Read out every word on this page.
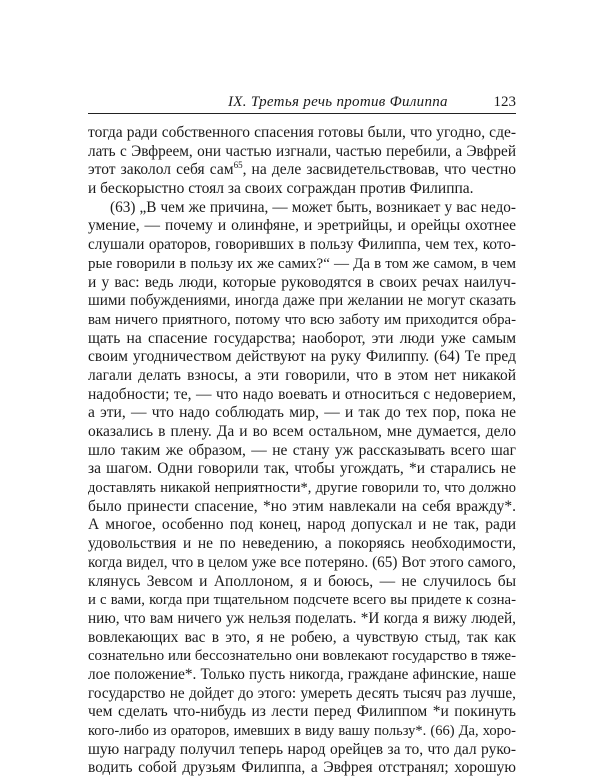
IX. Третья речь против Филиппа	123
тогда ради собственного спасения готовы были, что угодно, сде-
лать с Эвфреем, они частью изгнали, частью перебили, а Эвфрей
этот заколол себя сам$^{65}$, на деле засвидетельствовав, что честно
и бескорыстно стоял за своих сограждан против Филиппа.
(63) „В чем же причина, — может быть, возникает у вас недо-
умение, — почему и олинфяне, и эретрийцы, и орейцы охотнее
слушали ораторов, говоривших в пользу Филиппа, чем тех, кото-
рые говорили в пользу их же самих?“ — Да в том же самом, в чем
и у вас: ведь люди, которые руководятся в своих речах наилуч-
шими побуждениями, иногда даже при желании не могут сказать
вам ничего приятного, потому что всю заботу им приходится обра-
щать на спасение государства; наоборот, эти люди уже самым
своим угодничеством действуют на руку Филиппу. (64) Те пред
лагали делать взносы, а эти говорили, что в этом нет никакой
надобности; те, — что надо воевать и относиться с недоверием,
а эти, — что надо соблюдать мир, — и так до тех пор, пока не
оказались в плену. Да и во всем остальном, мне думается, дело
шло таким же образом, — не стану уж рассказывать всего шаг
за шагом. Одни говорили так, чтобы угождать, *и старались не
доставлять никакой неприятности*, другие говорили то, что должно
было принести спасение, *но этим навлекали на себя вражду*.
А многое, особенно под конец, народ допускал и не так, ради
удовольствия и не по неведению, а покоряясь необходимости,
когда видел, что в целом уже все потеряно. (65) Вот этого самого,
клянусь Зевсом и Аполлоном, я и боюсь, — не случилось бы
и с вами, когда при тщательном подсчете всего вы придете к созна-
нию, что вам ничего уж нельзя поделать. *И когда я вижу людей,
вовлекающих вас в это, я не робею, а чувствую стыд, так как
сознательно или бессознательно они вовлекают государство в тяже-
лое положение*. Только пусть никогда, граждане афинские, наше
государство не дойдет до этого: умереть десять тысяч раз лучше,
чем сделать что-нибудь из лести перед Филиппом *и покинуть
кого-либо из ораторов, имевших в виду вашу пользу*. (66) Да, хоро-
шую награду получил теперь народ орейцев за то, что дал руко-
водить собой друзьям Филиппа, а Эвфрея отстранял; хорошую
